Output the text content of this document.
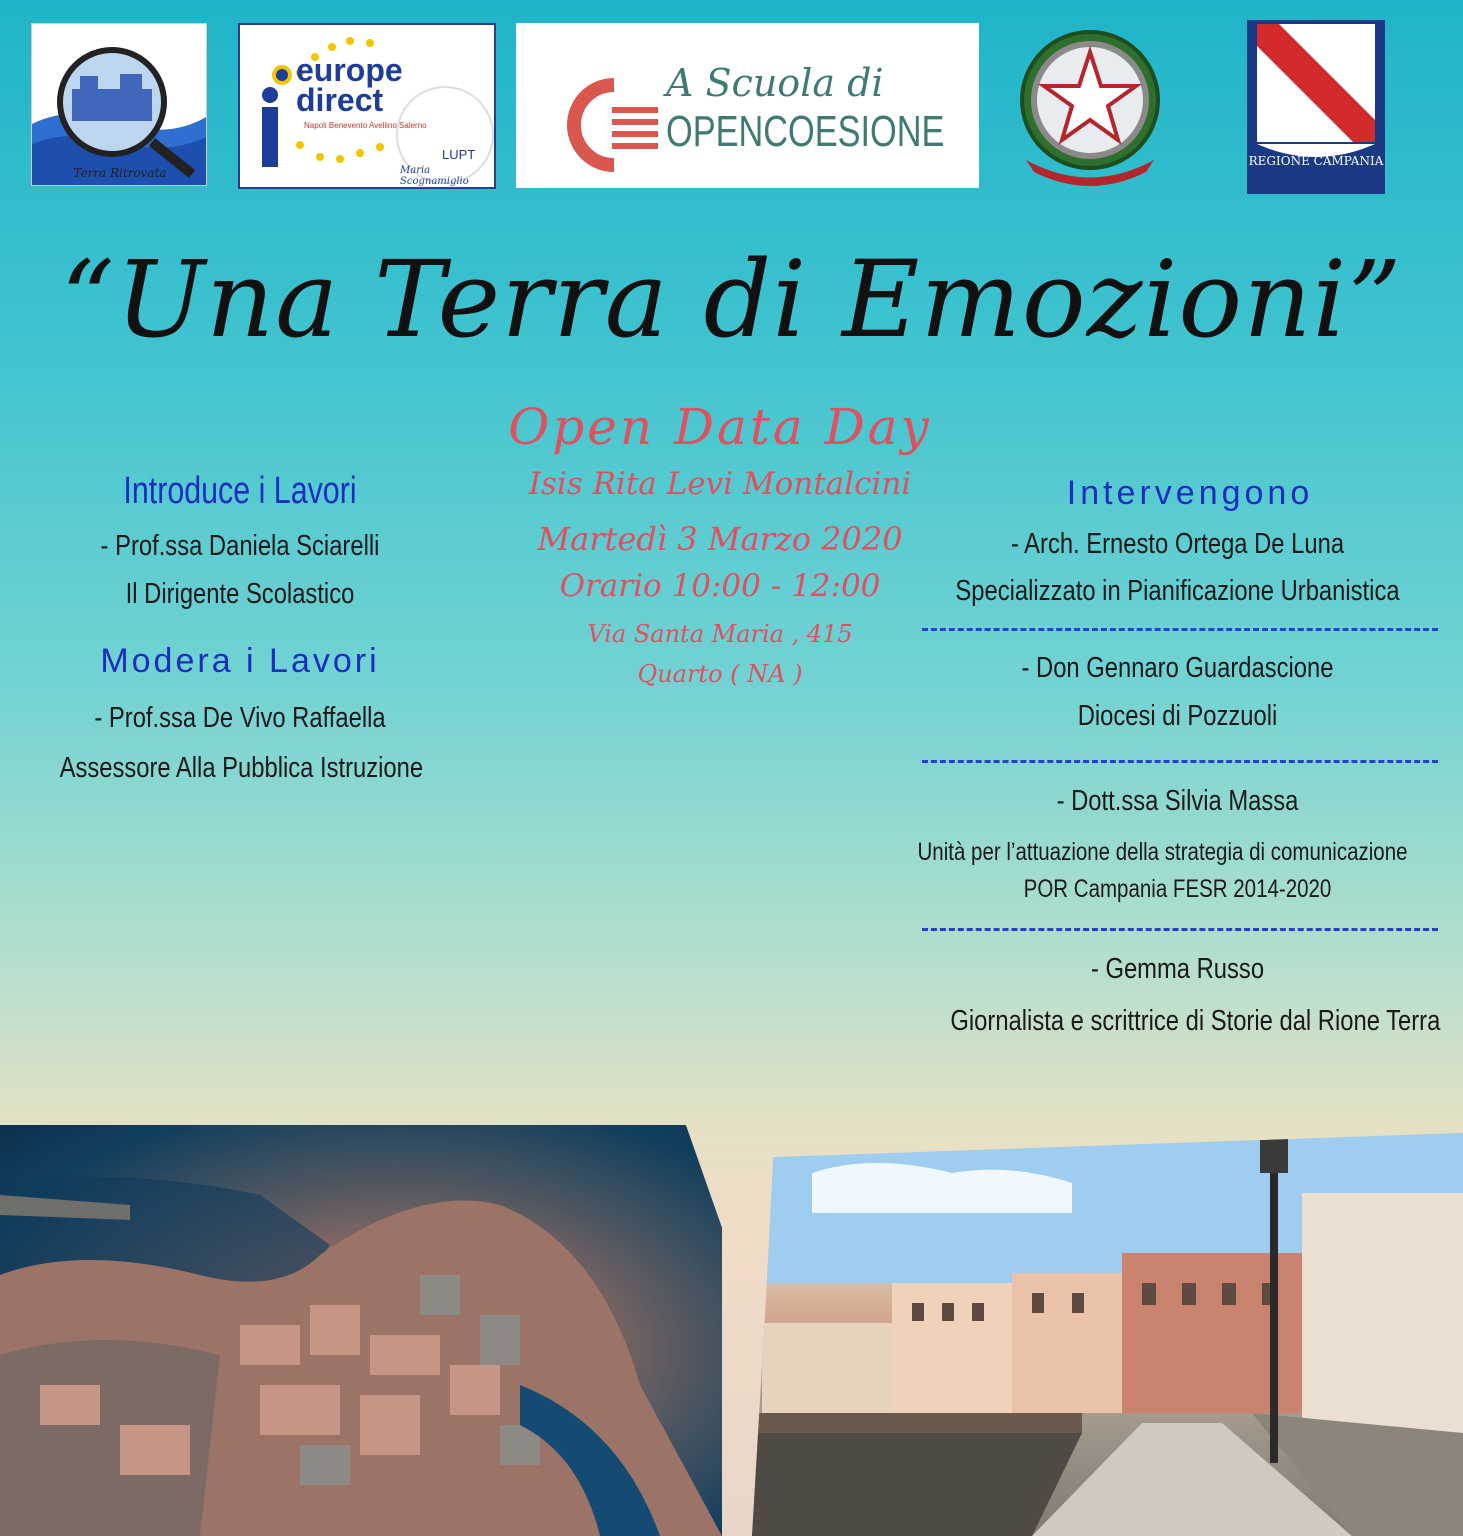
Terra Ritrovata
europe
direct
Napoli Benevento Avellino Salerno
LUPT
Maria Scognamiglio
A Scuola di
OPENCOESIONE
REGIONE CAMPANIA
“Una Terra di Emozioni”
Open Data Day
Isis Rita Levi Montalcini
Martedì 3 Marzo 2020
Orario 10:00 - 12:00
Via Santa Maria , 415
Quarto ( NA )
Introduce i Lavori
- Prof.ssa Daniela Sciarelli
Il Dirigente Scolastico
Modera i Lavori
- Prof.ssa De Vivo Raffaella
Assessore Alla Pubblica Istruzione
Intervengono
- Arch. Ernesto Ortega De Luna
Specializzato in Pianificazione Urbanistica
- Don Gennaro Guardascione
Diocesi di Pozzuoli
- Dott.ssa Silvia Massa
Unità per l’attuazione della strategia di comunicazione
POR Campania FESR 2014-2020
- Gemma Russo
Giornalista e scrittrice di Storie dal Rione Terra
